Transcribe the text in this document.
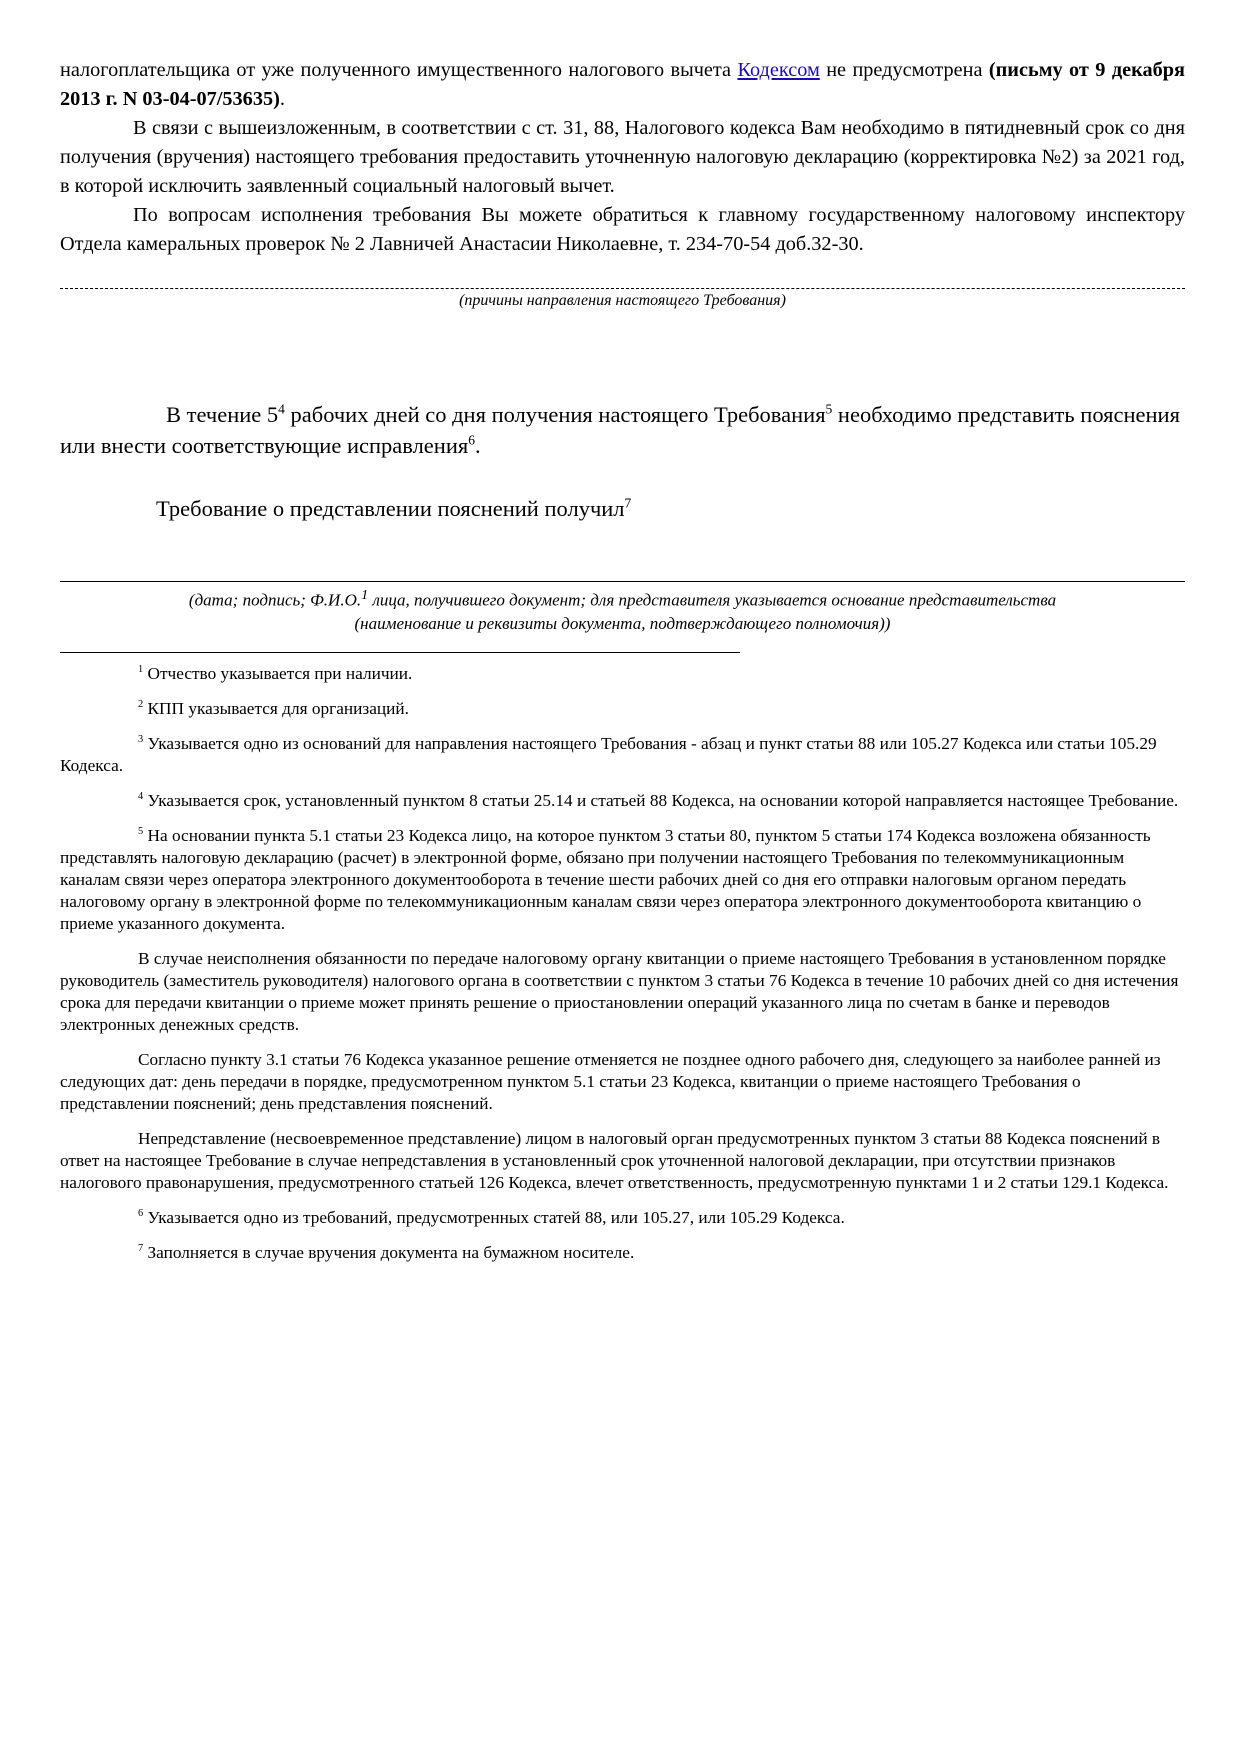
налогоплательщика от уже полученного имущественного налогового вычета Кодексом не предусмотрена (письму от 9 декабря 2013 г. N 03-04-07/53635).

В связи с вышеизложенным, в соответствии с ст. 31, 88, Налогового кодекса Вам необходимо в пятидневный срок со дня получения (вручения) настоящего требования предоставить уточненную налоговую декларацию (корректировка №2) за 2021 год, в которой исключить заявленный социальный налоговый вычет.

По вопросам исполнения требования Вы можете обратиться к главному государственному налоговому инспектору Отдела камеральных проверок № 2 Лавничей Анастасии Николаевне, т. 234-70-54 доб.32-30.

(причины направления настоящего Требования)

В течение $5^4$ рабочих дней со дня получения настоящего Требования$^5$ необходимо представить пояснения или внести соответствующие исправления$^6$.

Требование о представлении пояснений получил$^7$

(дата; подпись; Ф.И.О.$^1$ лица, получившего документ; для представителя указывается основание представительства
(наименование и реквизиты документа, подтверждающего полномочия))

$^1$ Отчество указывается при наличии.

$^2$ КПП указывается для организаций.

$^3$ Указывается одно из оснований для направления настоящего Требования - абзац и пункт статьи 88 или 105.27 Кодекса или статьи 105.29 Кодекса.

$^4$ Указывается срок, установленный пунктом 8 статьи 25.14 и статьей 88 Кодекса, на основании которой направляется настоящее Требование.

$^5$ На основании пункта 5.1 статьи 23 Кодекса лицо, на которое пунктом 3 статьи 80, пунктом 5 статьи 174 Кодекса возложена обязанность представлять налоговую декларацию (расчет) в электронной форме, обязано при получении настоящего Требования по телекоммуникационным каналам связи через оператора электронного документооборота в течение шести рабочих дней со дня его отправки налоговым органом передать налоговому органу в электронной форме по телекоммуникационным каналам связи через оператора электронного документооборота квитанцию о приеме указанного документа.

В случае неисполнения обязанности по передаче налоговому органу квитанции о приеме настоящего Требования в установленном порядке руководитель (заместитель руководителя) налогового органа в соответствии с пунктом 3 статьи 76 Кодекса в течение 10 рабочих дней со дня истечения срока для передачи квитанции о приеме может принять решение о приостановлении операций указанного лица по счетам в банке и переводов электронных денежных средств.

Согласно пункту 3.1 статьи 76 Кодекса указанное решение отменяется не позднее одного рабочего дня, следующего за наиболее ранней из следующих дат: день передачи в порядке, предусмотренном пунктом 5.1 статьи 23 Кодекса, квитанции о приеме настоящего Требования о представлении пояснений; день представления пояснений.

Непредставление (несвоевременное представление) лицом в налоговый орган предусмотренных пунктом 3 статьи 88 Кодекса пояснений в ответ на настоящее Требование в случае непредставления в установленный срок уточненной налоговой декларации, при отсутствии признаков налогового правонарушения, предусмотренного статьей 126 Кодекса, влечет ответственность, предусмотренную пунктами 1 и 2 статьи 129.1 Кодекса.

$^6$ Указывается одно из требований, предусмотренных статей 88, или 105.27, или 105.29 Кодекса.

$^7$ Заполняется в случае вручения документа на бумажном носителе.
